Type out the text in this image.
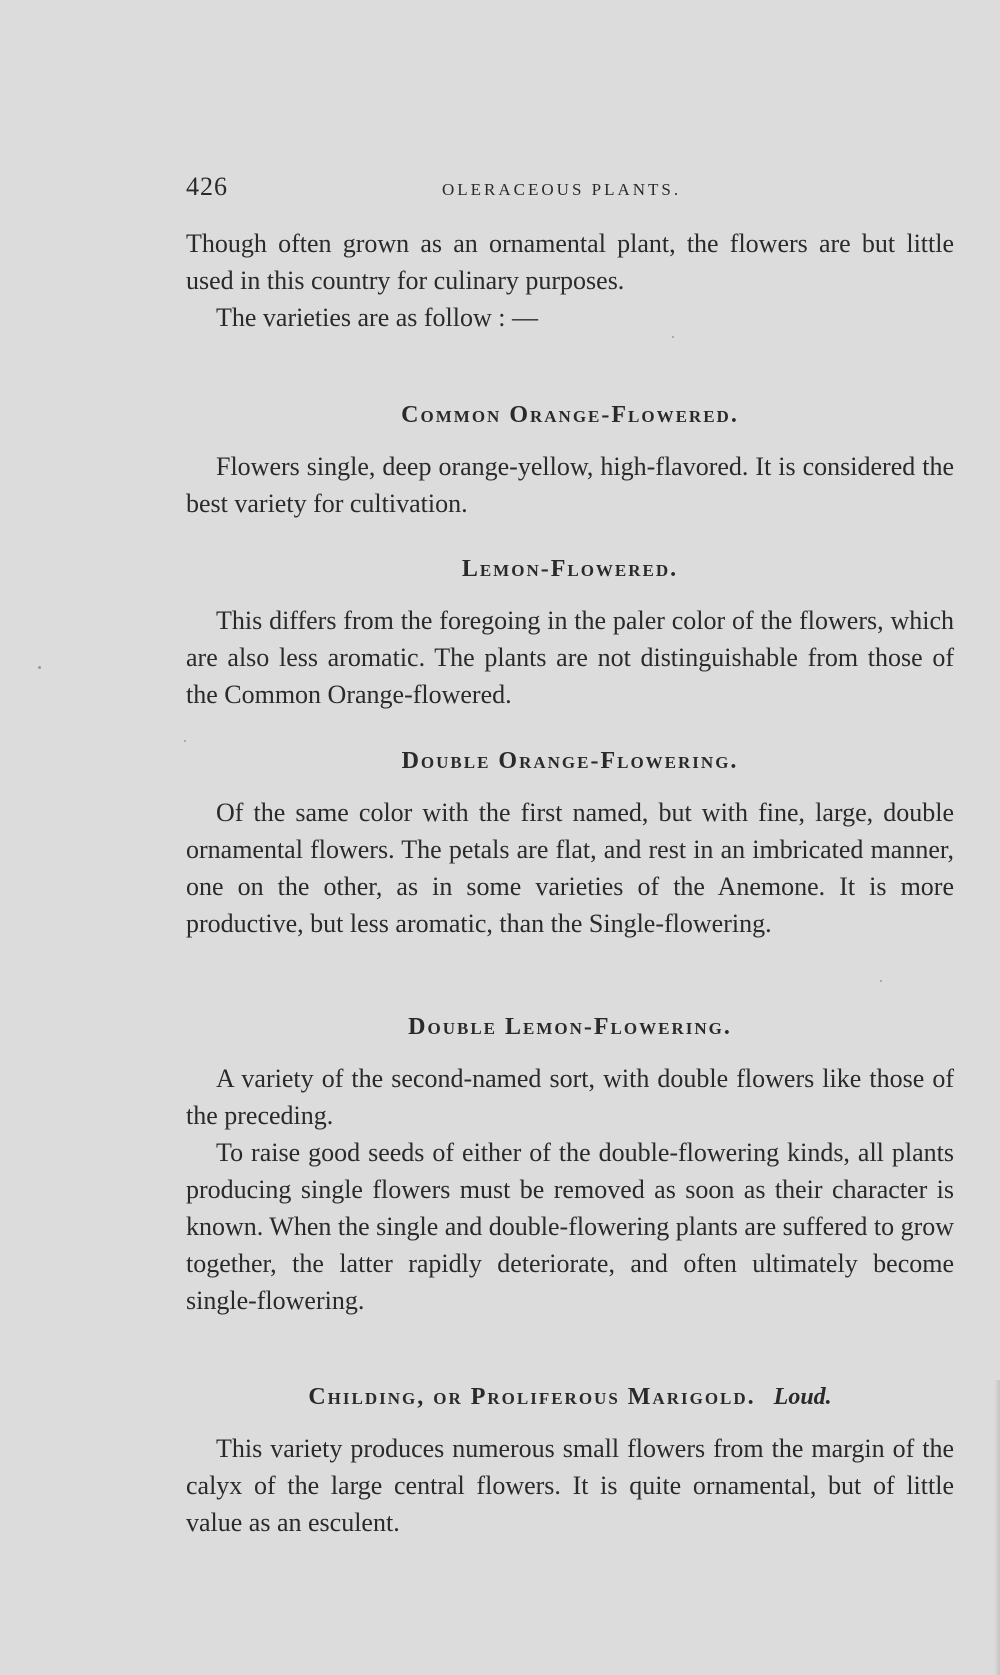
426	OLERACEOUS PLANTS.

Though often grown as an ornamental plant, the flowers are but little used in this country for culinary purposes.

The varieties are as follow : —

Common Orange-Flowered.

Flowers single, deep orange-yellow, high-flavored. It is considered the best variety for cultivation.

Lemon-Flowered.

This differs from the foregoing in the paler color of the flowers, which are also less aromatic. The plants are not distinguishable from those of the Common Orange-flowered.

Double Orange-Flowering.

Of the same color with the first named, but with fine, large, double ornamental flowers. The petals are flat, and rest in an imbricated manner, one on the other, as in some varieties of the Anemone. It is more productive, but less aromatic, than the Single-flowering.

Double Lemon-Flowering.

A variety of the second-named sort, with double flowers like those of the preceding.

To raise good seeds of either of the double-flowering kinds, all plants producing single flowers must be removed as soon as their character is known. When the single and double-flowering plants are suffered to grow together, the latter rapidly deteriorate, and often ultimately become single-flowering.

Childing, or Proliferous Marigold. Loud.

This variety produces numerous small flowers from the margin of the calyx of the large central flowers. It is quite ornamental, but of little value as an esculent.
